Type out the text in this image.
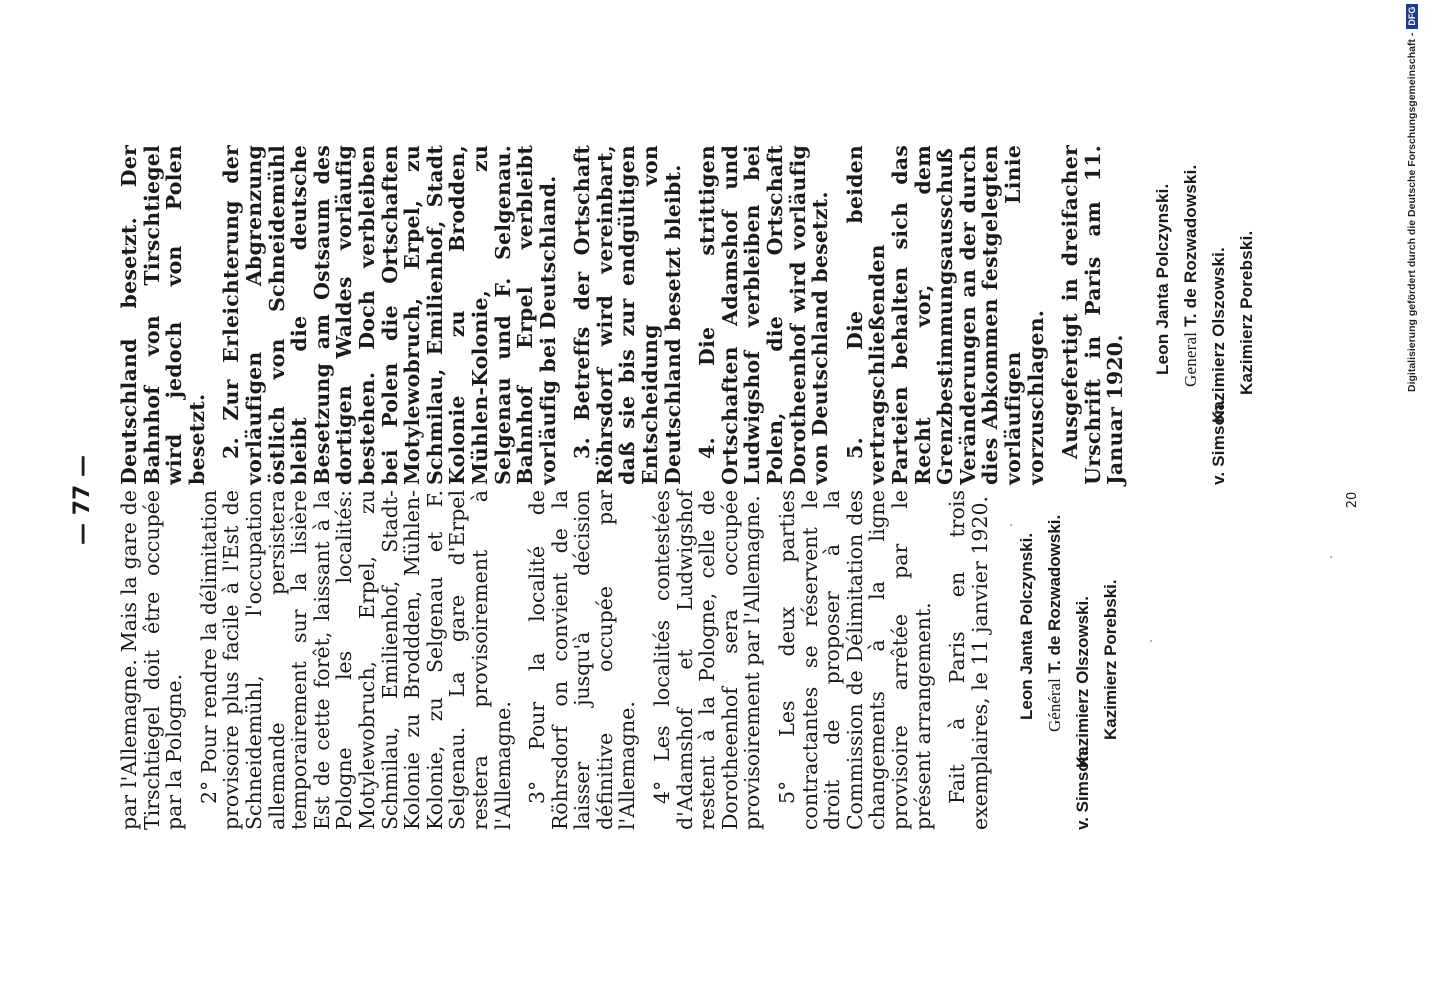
— 77 — par l'Allemagne. Mais la gare de Tirschtiegel doit être occupée par la Pologne. 2° Pour rendre la délimitation provisoire plus facile à l'Est de Schneidemühl, l'occupation allemande persistera temporairement sur la lisière Est de cette forêt, laissant à la Pologne les localités: Motylewobruch, Erpel, zu Schmilau, Emilienhof, Stadt-Kolonie zu Broddden, Mühlen-Kolonie, zu Selgenau et F. Selgenau. La gare d'Erpel restera provisoirement à l'Allemagne. 3° Pour la localité de Röhrsdorf on convient de la laisser jusqu'à décision définitive occupée par l'Allemagne. 4° Les localités contestées d'Adamshof et Ludwigshof restent à la Pologne, celle de Dorotheenhof sera occupée provisoirement par l'Allemagne. 5° Les deux parties contractantes se réservent le droit de proposer à la Commission de Délimitation des changements à la ligne provisoire arrêtée par le présent arrangement. Fait à Paris en trois exemplaires, le 11 janvier 1920.	v. Simson.
Leon Janta Polczynski. Général T. de Rozwadowski.
Kazimierz Olszowski. Kazimierz Porebski.

Deutschland besetzt. Der Bahnhof von Tirschtiegel wird jedoch von Polen besetzt. 2. Zur Erleichterung der vorläufigen Abgrenzung östlich von Schneidemühl bleibt die deutsche Besetzung am Ostsaum des dortigen Waldes vorläufig bestehen. Doch verbleiben bei Polen die Ortschaften Motylewobruch, Erpel, zu Schmilau, Emilienhof, Stadt Kolonie zu Brodden, Mühlen-Kolonie, zu Selgenau und F. Selgenau. Bahnhof Erpel verbleibt vorläufig bei Deutschland. 3. Betreffs der Ortschaft Röhrsdorf wird vereinbart, daß sie bis zur endgültigen Entscheidung von Deutschland besetzt bleibt. 4. Die strittigen Ortschaften Adamshof und Ludwigshof verbleiben bei Polen, die Ortschaft Dorotheenhof wird vorläufig von Deutschland besetzt. 5. Die beiden vertragschließenden Parteien behalten sich das Recht vor, dem Grenzbestimmungsausschuß Veränderungen an der durch dies Abkommen festgelegten vorläufigen Linie vorzuschlagen. Ausgefertigt in dreifacher Urschrift in Paris am 11. Januar 1920.	v. Simson.
Leon Janta Polczynski. General T. de Rozwadowski.
Kazimierz Olszowski. Kazimierz Porebski.
20
Digitalisierung gefördert durch die Deutsche Forschungsgemeinschaft -DFG
